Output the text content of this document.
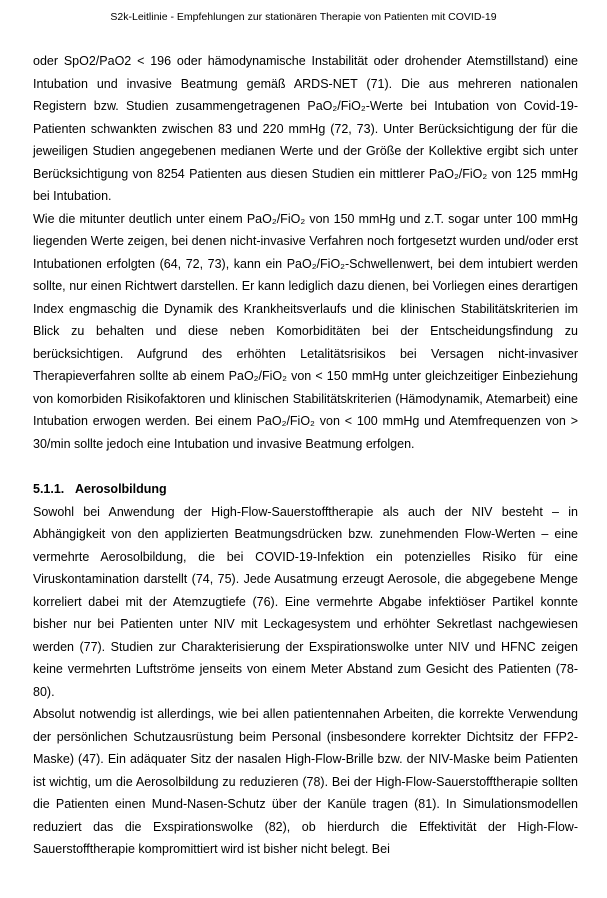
S2k-Leitlinie - Empfehlungen zur stationären Therapie von Patienten mit COVID-19

oder SpO2/PaO2 < 196 oder hämodynamische Instabilität oder drohender Atemstillstand) eine Intubation und invasive Beatmung gemäß ARDS-NET (71). Die aus mehreren nationalen Registern bzw. Studien zusammengetragenen PaO₂/FiO₂-Werte bei Intubation von Covid-19-Patienten schwankten zwischen 83 und 220 mmHg (72, 73). Unter Berücksichtigung der für die jeweiligen Studien angegebenen medianen Werte und der Größe der Kollektive ergibt sich unter Berücksichtigung von 8254 Patienten aus diesen Studien ein mittlerer PaO₂/FiO₂ von 125 mmHg bei Intubation.

Wie die mitunter deutlich unter einem PaO₂/FiO₂ von 150 mmHg und z.T. sogar unter 100 mmHg liegenden Werte zeigen, bei denen nicht-invasive Verfahren noch fortgesetzt wurden und/oder erst Intubationen erfolgten (64, 72, 73), kann ein PaO₂/FiO₂-Schwellenwert, bei dem intubiert werden sollte, nur einen Richtwert darstellen. Er kann lediglich dazu dienen, bei Vorliegen eines derartigen Index engmaschig die Dynamik des Krankheitsverlaufs und die klinischen Stabilitätskriterien im Blick zu behalten und diese neben Komorbiditäten bei der Entscheidungsfindung zu berücksichtigen. Aufgrund des erhöhten Letalitätsrisikos bei Versagen nicht-invasiver Therapieverfahren sollte ab einem PaO₂/FiO₂ von < 150 mmHg unter gleichzeitiger Einbeziehung von komorbiden Risikofaktoren und klinischen Stabilitätskriterien (Hämodynamik, Atemarbeit) eine Intubation erwogen werden. Bei einem PaO₂/FiO₂ von < 100 mmHg und Atemfrequenzen von > 30/min sollte jedoch eine Intubation und invasive Beatmung erfolgen.

5.1.1. Aerosolbildung

Sowohl bei Anwendung der High-Flow-Sauerstofftherapie als auch der NIV besteht – in Abhängigkeit von den applizierten Beatmungsdrücken bzw. zunehmenden Flow-Werten – eine vermehrte Aerosolbildung, die bei COVID-19-Infektion ein potenzielles Risiko für eine Viruskontamination darstellt (74, 75). Jede Ausatmung erzeugt Aerosole, die abgegebene Menge korreliert dabei mit der Atemzugtiefe (76). Eine vermehrte Abgabe infektiöser Partikel konnte bisher nur bei Patienten unter NIV mit Leckagesystem und erhöhter Sekretlast nachgewiesen werden (77). Studien zur Charakterisierung der Exspirationswolke unter NIV und HFNC zeigen keine vermehrten Luftströme jenseits von einem Meter Abstand zum Gesicht des Patienten (78-80).

Absolut notwendig ist allerdings, wie bei allen patientennahen Arbeiten, die korrekte Verwendung der persönlichen Schutzausrüstung beim Personal (insbesondere korrekter Dichtsitz der FFP2-Maske) (47). Ein adäquater Sitz der nasalen High-Flow-Brille bzw. der NIV-Maske beim Patienten ist wichtig, um die Aerosolbildung zu reduzieren (78). Bei der High-Flow-Sauerstofftherapie sollten die Patienten einen Mund-Nasen-Schutz über der Kanüle tragen (81). In Simulationsmodellen reduziert das die Exspirationswolke (82), ob hierdurch die Effektivität der High-Flow-Sauerstofftherapie kompromittiert wird ist bisher nicht belegt. Bei
